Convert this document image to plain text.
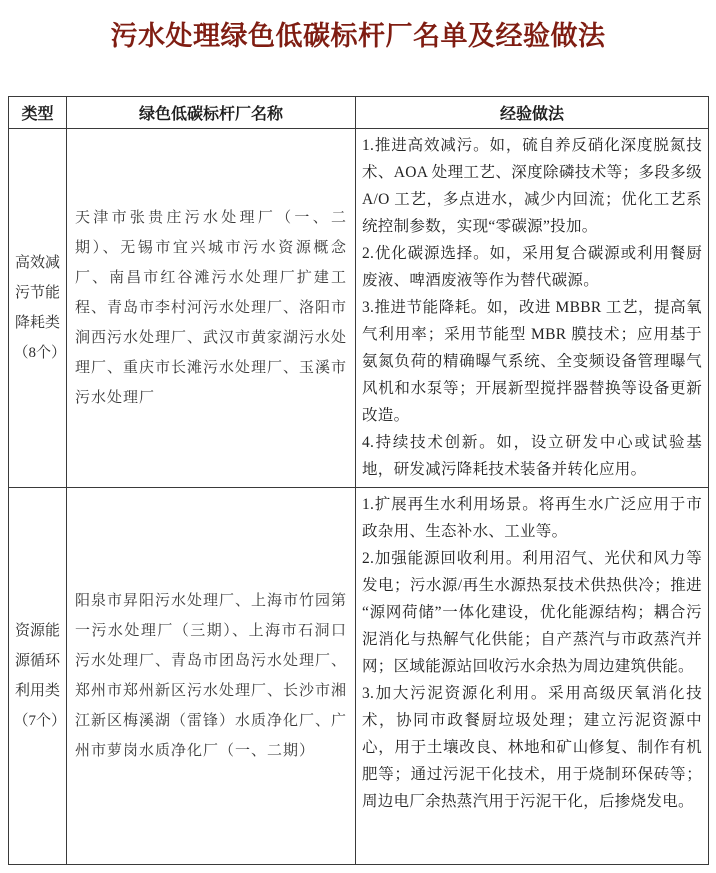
污水处理绿色低碳标杆厂名单及经验做法
类型	绿色低碳标杆厂名称	经验做法

高效减污节能降耗类（8个）	天津市张贵庄污水处理厂（一、二期）、无锡市宜兴城市污水资源概念厂、南昌市红谷滩污水处理厂扩建工程、青岛市李村河污水处理厂、洛阳市涧西污水处理厂、武汉市黄家湖污水处理厂、重庆市长滩污水处理厂、玉溪市污水处理厂	1.推进高效减污。如，硫自养反硝化深度脱氮技术、AOA 处理工艺、深度除磷技术等；多段多级 A/O 工艺，多点进水，减少内回流；优化工艺系统控制参数，实现“零碳源”投加。

2.优化碳源选择。如，采用复合碳源或利用餐厨废液、啤酒废液等作为替代碳源。

3.推进节能降耗。如，改进 MBBR 工艺，提高氧气利用率；采用节能型 MBR 膜技术；应用基于氨氮负荷的精确曝气系统、全变频设备管理曝气风机和水泵等；开展新型搅拌器替换等设备更新改造。

4.持续技术创新。如，设立研发中心或试验基地，研发减污降耗技术装备并转化应用。

资源能源循环利用类（7个）	阳泉市昇阳污水处理厂、上海市竹园第一污水处理厂（三期）、上海市石洞口污水处理厂、青岛市团岛污水处理厂、郑州市郑州新区污水处理厂、长沙市湘江新区梅溪湖（雷锋）水质净化厂、广州市萝岗水质净化厂（一、二期）	1.扩展再生水利用场景。将再生水广泛应用于市政杂用、生态补水、工业等。

2.加强能源回收利用。利用沼气、光伏和风力等发电；污水源/再生水源热泵技术供热供冷；推进“源网荷储”一体化建设，优化能源结构；耦合污泥消化与热解气化供能；自产蒸汽与市政蒸汽并网；区域能源站回收污水余热为周边建筑供能。

3.加大污泥资源化利用。采用高级厌氧消化技术，协同市政餐厨垃圾处理；建立污泥资源中心，用于土壤改良、林地和矿山修复、制作有机肥等；通过污泥干化技术，用于烧制环保砖等；周边电厂余热蒸汽用于污泥干化，后掺烧发电。
